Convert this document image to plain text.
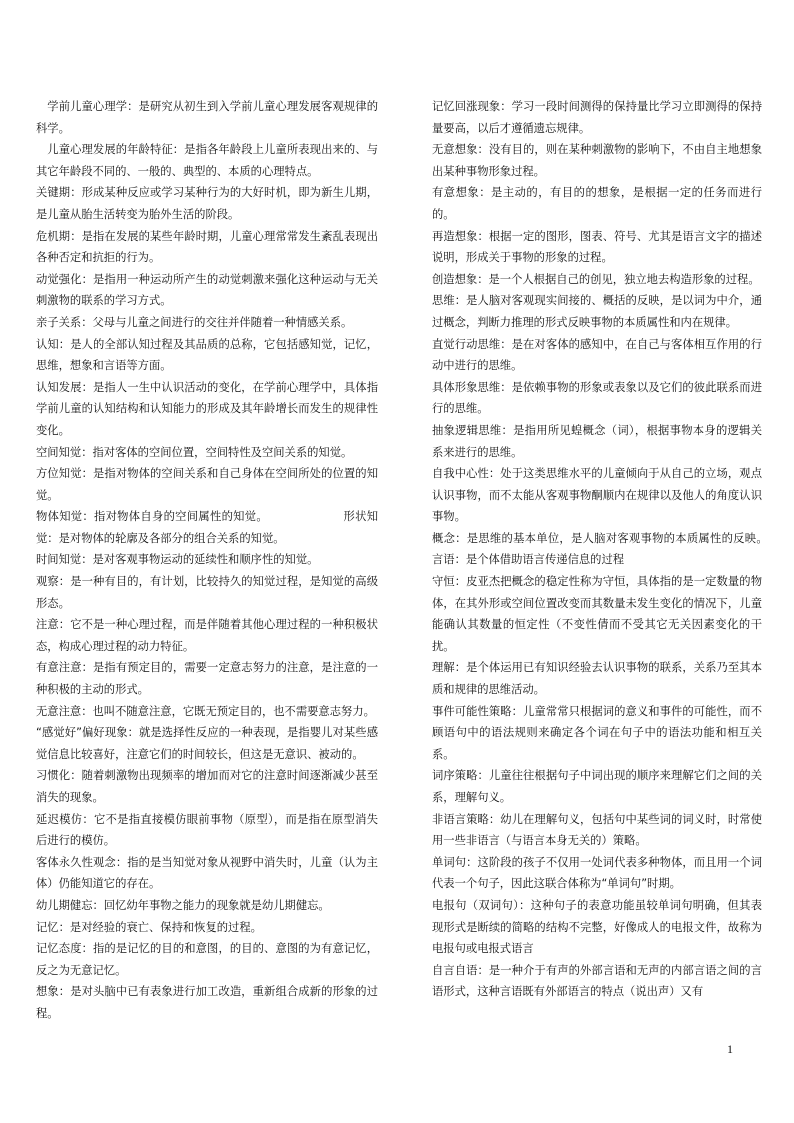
学前儿童心理学：是研究从初生到入学前儿童心理发展客观规律的科学。

儿童心理发展的年龄特征：是指各年龄段上儿童所表现出来的、与其它年龄段不同的、一般的、典型的、本质的心理特点。

关键期：形成某种反应或学习某种行为的大好时机，即为新生儿期，是儿童从胎生活转变为胎外生活的阶段。

危机期：是指在发展的某些年龄时期，儿童心理常常发生紊乱表现出各种否定和抗拒的行为。

动觉强化：是指用一种运动所产生的动觉刺激来强化这种运动与无关刺激物的联系的学习方式。

亲子关系：父母与儿童之间进行的交往并伴随着一种情感关系。

认知：是人的全部认知过程及其品质的总称，它包括感知觉，记忆，思维，想象和言语等方面。

认知发展：是指人一生中认识活动的变化，在学前心理学中，具体指学前儿童的认知结构和认知能力的形成及其年龄增长而发生的规律性变化。

空间知觉：指对客体的空间位置，空间特性及空间关系的知觉。

方位知觉：是指对物体的空间关系和自己身体在空间所处的位置的知觉。

物体知觉：指对物体自身的空间属性的知觉。　　　　　　　形状知觉：是对物体的轮廓及各部分的组合关系的知觉。

时间知觉：是对客观事物运动的延续性和顺序性的知觉。

观察：是一种有目的，有计划，比较持久的知觉过程，是知觉的高级形态。

注意：它不是一种心理过程，而是伴随着其他心理过程的一种积极状态，构成心理过程的动力特征。

有意注意：是指有预定目的，需要一定意志努力的注意，是注意的一种积极的主动的形式。

无意注意：也叫不随意注意，它既无预定目的，也不需要意志努力。

“感觉好”偏好现象：就是选择性反应的一种表现，是指婴儿对某些感觉信息比较喜好，注意它们的时间较长，但这是无意识、被动的。

习惯化：随着刺激物出现频率的增加而对它的注意时间逐渐减少甚至消失的现象。

延迟模仿：它不是指直接模仿眼前事物（原型），而是指在原型消失后进行的模仿。

客体永久性观念：指的是当知觉对象从视野中消失时，儿童（认为主体）仍能知道它的存在。

幼儿期健忘：回忆幼年事物之能力的现象就是幼儿期健忘。

记忆：是对经验的衰亡、保持和恢复的过程。

记忆态度：指的是记忆的目的和意图，的目的、意图的为有意记忆，反之为无意记忆。

想象：是对头脑中已有表象进行加工改造，重新组合成新的形象的过程。

记忆回涨现象：学习一段时间测得的保持量比学习立即测得的保持量要高，以后才遵循遗忘规律。

无意想象：没有目的，则在某种刺激物的影响下，不由自主地想象出某种事物形象过程。

有意想象：是主动的，有目的的想象，是根据一定的任务而进行的。

再造想象：根据一定的图形，图表、符号、尤其是语言文字的描述说明，形成关于事物的形象的过程。

创造想象：是一个人根据自己的创见，独立地去构造形象的过程。

思维：是人脑对客观现实间接的、概括的反映，是以词为中介，通过概念，判断力推理的形式反映事物的本质属性和内在规律。

直觉行动思维：是在对客体的感知中，在自己与客体相互作用的行动中进行的思维。

具体形象思维：是依赖事物的形象或表象以及它们的彼此联系而进行的思维。

抽象逻辑思维：是指用所见蝗概念（词），根据事物本身的逻辑关系来进行的思维。

自我中心性：处于这类思维水平的儿童倾向于从自己的立场，观点认识事物，而不太能从客观事物酮顺内在规律以及他人的角度认识事物。

概念：是思维的基本单位，是人脑对客观事物的本质属性的反映。　　言语：是个体借助语言传递信息的过程

守恒：皮亚杰把概念的稳定性称为守恒，具体指的是一定数量的物体，在其外形或空间位置改变而其数量未发生变化的情况下，儿童能确认其数量的恒定性（不变性倩而不受其它无关因素变化的干扰。

理解：是个体运用已有知识经验去认识事物的联系，关系乃至其本质和规律的思维活动。

事件可能性策略：儿童常常只根据词的意义和事件的可能性，而不顾语句中的语法规则来确定各个词在句子中的语法功能和相互关系。

词序策略：儿童往往根据句子中词出现的顺序来理解它们之间的关系，理解句义。

非语言策略：幼儿在理解句义，包括句中某些词的词义时，时常使用一些非语言（与语言本身无关的）策略。

单词句：这阶段的孩子不仅用一处词代表多种物体，而且用一个词代表一个句子，因此这联合体称为“单词句”时期。

电报句（双词句）：这种句子的表意功能虽较单词句明确，但其表现形式是断续的简略的结构不完整，好像成人的电报文件，故称为电报句或电报式语言

自言自语：是一种介于有声的外部言语和无声的内部言语之间的言语形式，这种言语既有外部语言的特点（说出声）又有

1
